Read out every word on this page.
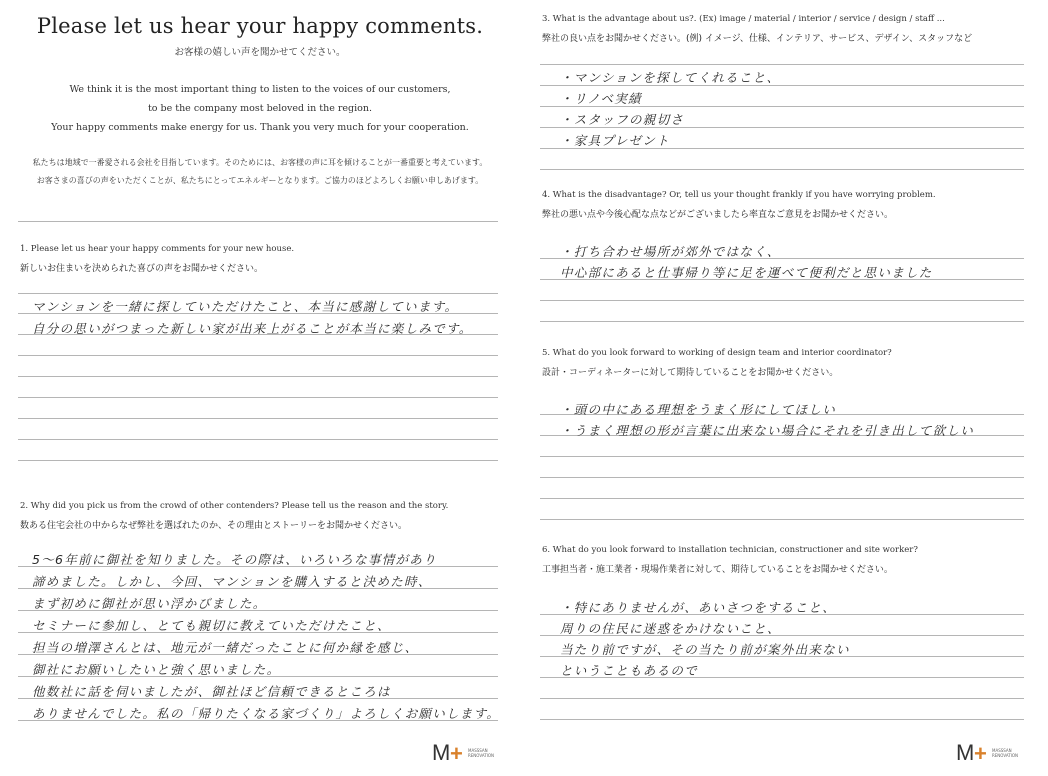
Please let us hear your happy comments.
お客様の嬉しい声を聞かせてください。
We think it is the most important thing to listen to the voices of our customers,
to be the company most beloved in the region.
Your happy comments make energy for us. Thank you very much for your cooperation.
私たちは地域で一番愛される会社を目指しています。そのためには、お客様の声に耳を傾けることが一番重要と考えています。
お客さまの喜びの声をいただくことが、私たちにとってエネルギーとなります。ご協力のほどよろしくお願い申しあげます。
1. Please let us hear your happy comments for your new house.
新しいお住まいを決められた喜びの声をお聞かせください。
マンションを一緒に探していただけたこと、本当に感謝しています。
自分の思いがつまった新しい家が出来上がることが本当に楽しみです。
2. Why did you pick us from the crowd of other contenders? Please tell us the reason and the story.
数ある住宅会社の中からなぜ弊社を選ばれたのか、その理由とストーリーをお聞かせください。
5～6年前に御社を知りました。その際は、いろいろな事情があり
諦めました。しかし、今回、マンションを購入すると決めた時、
まず初めに御社が思い浮かびました。
セミナーに参加し、とても親切に教えていただけたこと、
担当の増澤さんとは、地元が一緒だったことに何か縁を感じ、
御社にお願いしたいと強く思いました。
他数社に話を伺いましたが、御社ほど信頼できるところは
ありませんでした。私の「帰りたくなる家づくり」よろしくお願いします。
M + MASSSAN
RENOVATION
3. What is the advantage about us?. (Ex) image / material / interior / service / design / staff ...
弊社の良い点をお聞かせください。(例) イメージ、仕様、インテリア、サービス、デザイン、スタッフなど
・マンションを探してくれること、
・リノベ実績
・スタッフの親切さ
・家具プレゼント
4. What is the disadvantage? Or, tell us your thought frankly if you have worrying problem.
弊社の悪い点や今後心配な点などがございましたら率直なご意見をお聞かせください。
・打ち合わせ場所が郊外ではなく、
中心部にあると仕事帰り等に足を運べて便利だと思いました
5. What do you look forward to working of design team and interior coordinator?
設計・コーディネーターに対して期待していることをお聞かせください。
・頭の中にある理想をうまく形にしてほしい
・うまく理想の形が言葉に出来ない場合にそれを引き出して欲しい
6. What do you look forward to installation technician, constructioner and site worker?
工事担当者・施工業者・現場作業者に対して、期待していることをお聞かせください。
・特にありませんが、あいさつをすること、
周りの住民に迷惑をかけないこと、
当たり前ですが、その当たり前が案外出来ない
ということもあるので
M + MASSSAN
RENOVATION
